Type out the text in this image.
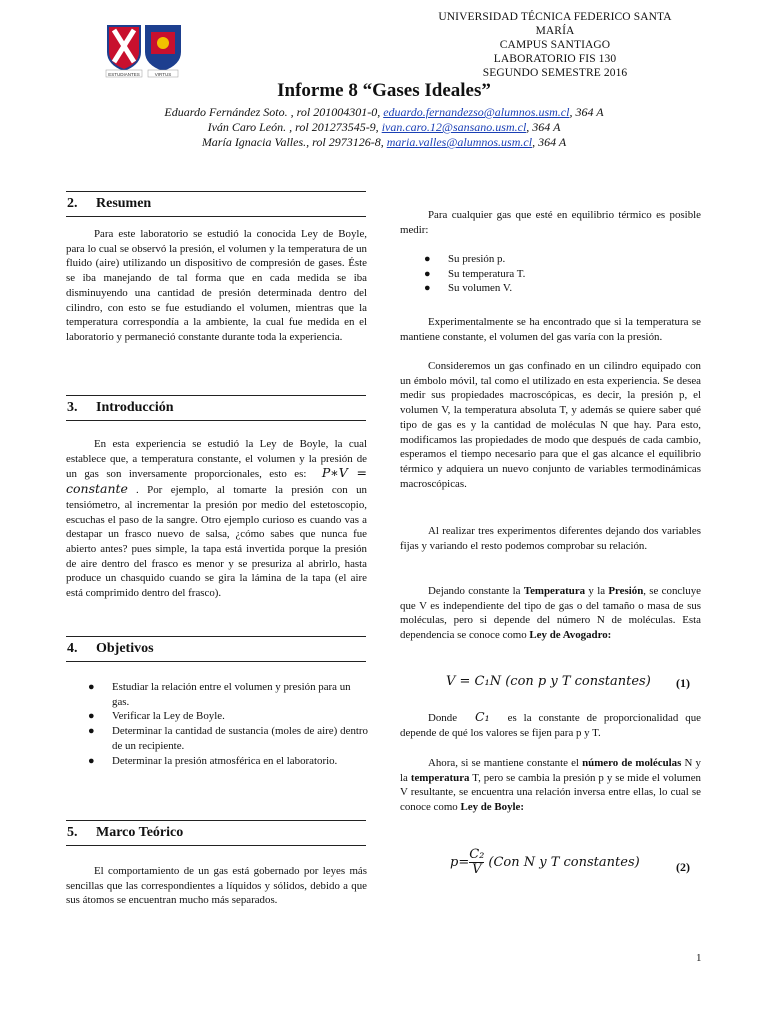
ESTUDIANTES	VIRTUS
UNIVERSIDAD TÉCNICA FEDERICO SANTA MARÍA
CAMPUS SANTIAGO
LABORATORIO FIS 130
SEGUNDO SEMESTRE 2016
Informe 8 “Gases Ideales”
Eduardo Fernández Soto. , rol 201004301-0, eduardo.fernandezso@alumnos.usm.cl, 364 A
Iván Caro León. , rol 201273545-9, ivan.caro.12@sansano.usm.cl, 364 A
María Ignacia Valles., rol 2973126-8, maria.valles@alumnos.usm.cl, 364 A
2. Resumen
Para este laboratorio se estudió la conocida Ley de Boyle, para lo cual se observó la presión, el volumen y la temperatura de un fluido (aire) utilizando un dispositivo de compresión de gases. Éste se iba manejando de tal forma que en cada medida se iba disminuyendo una cantidad de presión determinada dentro del cilindro, con esto se fue estudiando el volumen, mientras que la temperatura correspondía a la ambiente, la cual fue medida en el laboratorio y permaneció constante durante toda la experiencia.
3. Introducción
En esta experiencia se estudió la Ley de Boyle, la cual establece que, a temperatura constante, el volumen y la presión de un gas son inversamente proporcionales, esto es: P∗V = constante . Por ejemplo, al tomarte la presión con un tensiómetro, al incrementar la presión por medio del estetoscopio, escuchas el paso de la sangre. Otro ejemplo curioso es cuando vas a destapar un frasco nuevo de salsa, ¿cómo sabes que nunca fue abierto antes? pues simple, la tapa está invertida porque la presión de aire dentro del frasco es menor y se presuriza al abrirlo, hasta produce un chasquido cuando se gira la lámina de la tapa (el aire está comprimido dentro del frasco).
4. Objetivos
● Estudiar la relación entre el volumen y presión para un gas.
● Verificar la Ley de Boyle.
● Determinar la cantidad de sustancia (moles de aire) dentro de un recipiente.
● Determinar la presión atmosférica en el laboratorio.
5. Marco Teórico
El comportamiento de un gas está gobernado por leyes más sencillas que las correspondientes a líquidos y sólidos, debido a que sus átomos se encuentran mucho más separados.
Para cualquier gas que esté en equilibrio térmico es posible medir:
● Su presión p.
● Su temperatura T.
● Su volumen V.
Experimentalmente se ha encontrado que si la temperatura se mantiene constante, el volumen del gas varía con la presión.
Consideremos un gas confinado en un cilindro equipado con un émbolo móvil, tal como el utilizado en esta experiencia. Se desea medir sus propiedades macroscópicas, es decir, la presión p, el volumen V, la temperatura absoluta T, y además se quiere saber qué tipo de gas es y la cantidad de moléculas N que hay. Para esto, modificamos las propiedades de modo que después de cada cambio, esperamos el tiempo necesario para que el gas alcance el equilibrio térmico y adquiera un nuevo conjunto de variables termodinámicas macroscópicas.
Al realizar tres experimentos diferentes dejando dos variables fijas y variando el resto podemos comprobar su relación.
Dejando constante la Temperatura y la Presión, se concluye que V es independiente del tipo de gas o del tamaño o masa de sus moléculas, pero si depende del número N de moléculas. Esta dependencia se conoce como Ley de Avogadro:
V = C₁N (con p y T constantes) (1)
Donde C₁ es la constante de proporcionalidad que depende de qué los valores se fijen para p y T.
Ahora, si se mantiene constante el número de moléculas N y la temperatura T, pero se cambia la presión p y se mide el volumen V resultante, se encuentra una relación inversa entre ellas, lo cual se conoce como Ley de Boyle:
$p= \frac{\text{C₂}}{V} (Con$ N y T constantes)	(2)
1
